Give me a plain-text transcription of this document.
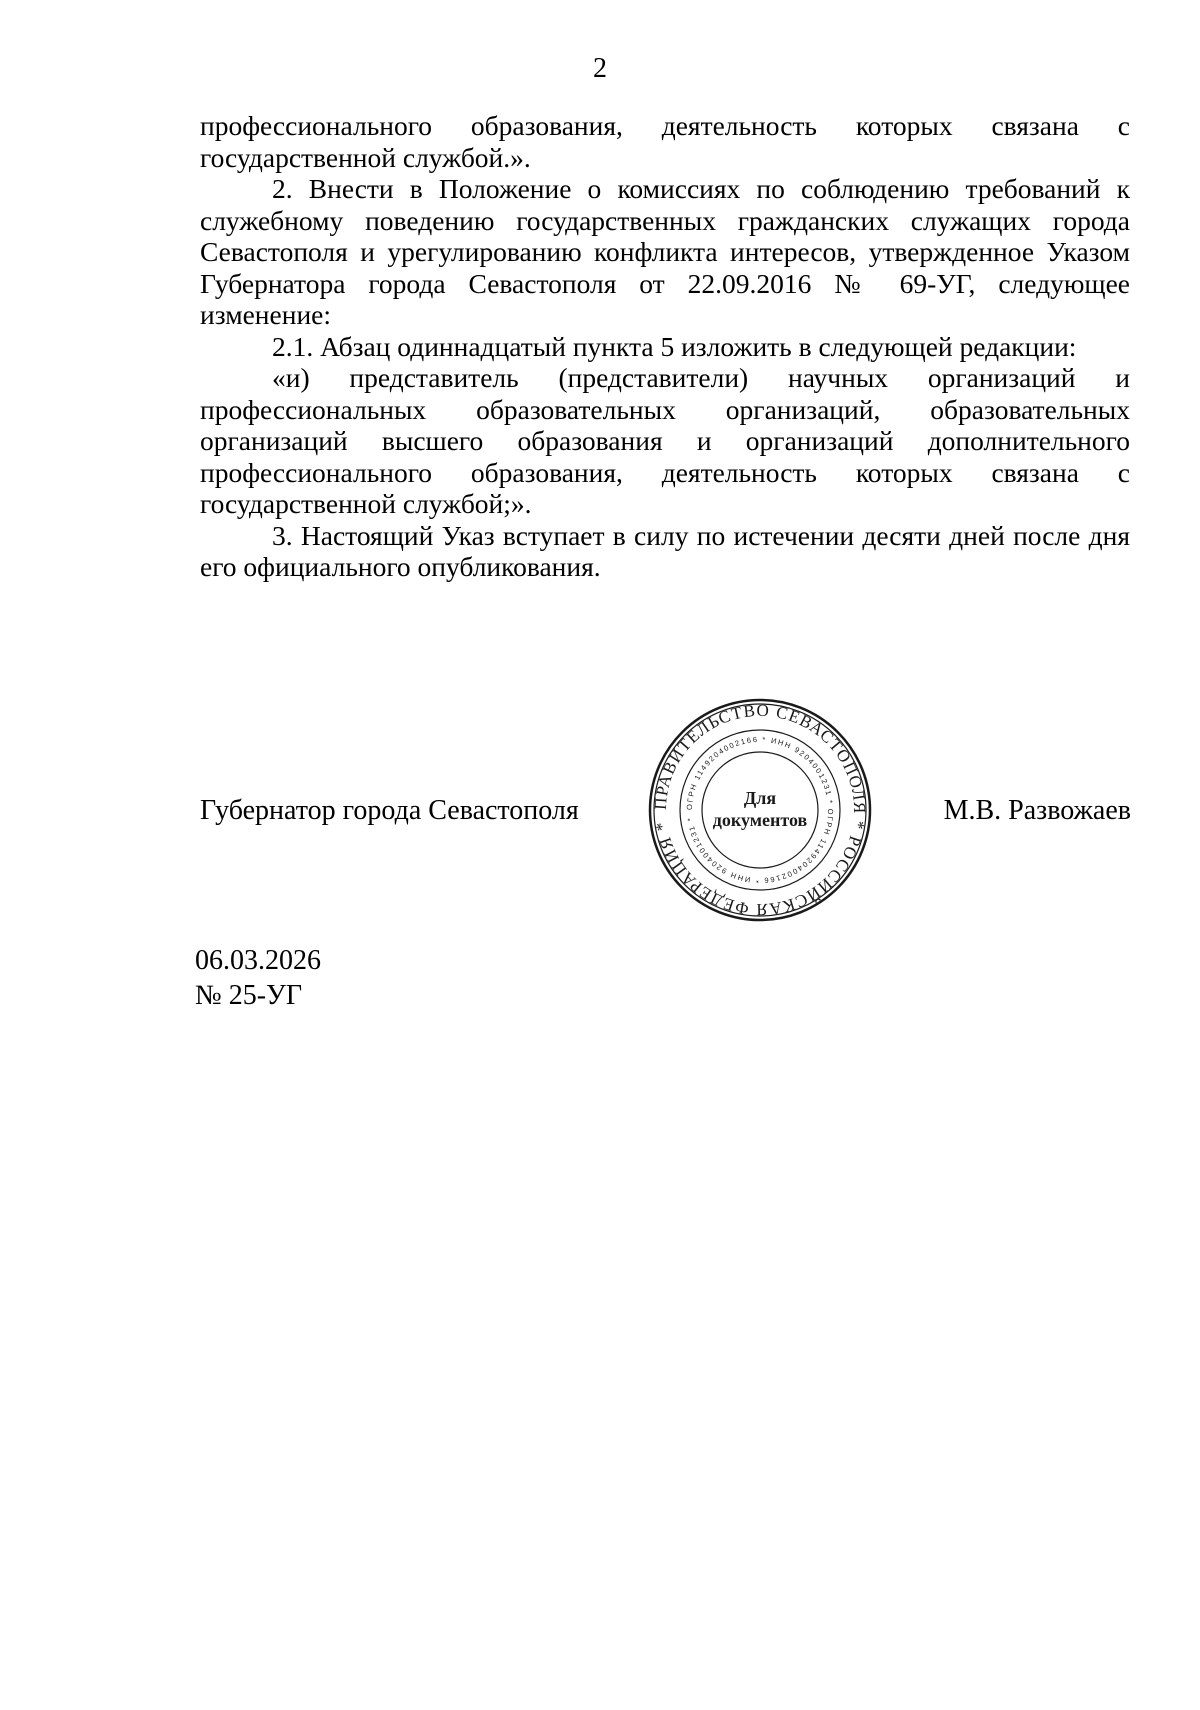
2

профессионального образования, деятельность которых связана с государственной службой.».

2. Внести в Положение о комиссиях по соблюдению требований к служебному поведению государственных гражданских служащих города Севастополя и урегулированию конфликта интересов, утвержденное Указом Губернатора города Севастополя от 22.09.2016 № 69-УГ, следующее изменение:

2.1. Абзац одиннадцатый пункта 5 изложить в следующей редакции:

«и) представитель (представители) научных организаций и профессиональных образовательных организаций, образовательных организаций высшего образования и организаций дополнительного профессионального образования, деятельность которых связана с государственной службой;».

3. Настоящий Указ вступает в силу по истечении десяти дней после дня его официального опубликования.

Губернатор города Севастополя	ПРАВИТЕЛЬСТВО СЕВАСТОПОЛЯ * РОССИЙСКАЯ ФЕДЕРАЦИЯ *
ОГРН 1149204002166 * ИНН 9204001231 * ОГРН 1149204002166 * ИНН 9204001231 *
Для
документов	М.В. Развожаев
06.03.2026
№ 25-УГ
